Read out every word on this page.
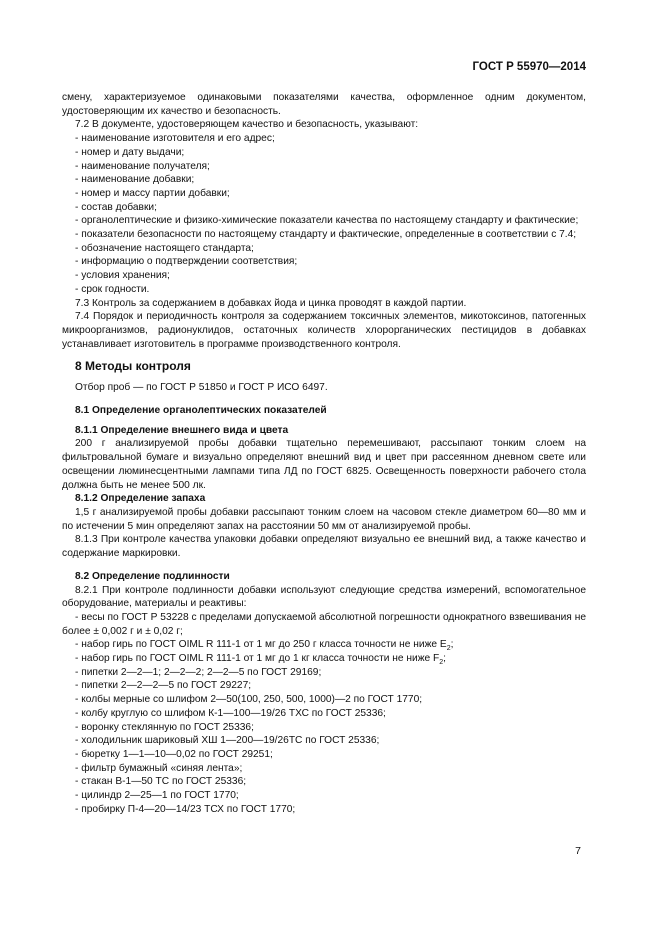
ГОСТ Р 55970—2014

смену, характеризуемое одинаковыми показателями качества, оформленное одним документом, удостоверяющим их качество и безопасность.

7.2 В документе, удостоверяющем качество и безопасность, указывают:

- наименование изготовителя и его адрес;

- номер и дату выдачи;

- наименование получателя;

- наименование добавки;

- номер и массу партии добавки;

- состав добавки;

- органолептические и физико-химические показатели качества по настоящему стандарту и фактические;

- показатели безопасности по настоящему стандарту и фактические, определенные в соответствии с 7.4;

- обозначение настоящего стандарта;

- информацию о подтверждении соответствия;

- условия хранения;

- срок годности.

7.3 Контроль за содержанием в добавках йода и цинка проводят в каждой партии.

7.4 Порядок и периодичность контроля за содержанием токсичных элементов, микотоксинов, патогенных микроорганизмов, радионуклидов, остаточных количеств хлорорганических пестицидов в добавках устанавливает изготовитель в программе производственного контроля.

8 Методы контроля

Отбор проб — по ГОСТ Р 51850 и ГОСТ Р ИСО 6497.

8.1 Определение органолептических показателей
8.1.1 Определение внешнего вида и цвета

200 г анализируемой пробы добавки тщательно перемешивают, рассыпают тонким слоем на фильтровальной бумаге и визуально определяют внешний вид и цвет при рассеянном дневном свете или освещении люминесцентными лампами типа ЛД по ГОСТ 6825. Освещенность поверхности рабочего стола должна быть не менее 500 лк.

8.1.2 Определение запаха

1,5 г анализируемой пробы добавки рассыпают тонким слоем на часовом стекле диаметром 60—80 мм и по истечении 5 мин определяют запах на расстоянии 50 мм от анализируемой пробы.

8.1.3 При контроле качества упаковки добавки определяют визуально ее внешний вид, а также качество и содержание маркировки.

8.2 Определение подлинности

8.2.1 При контроле подлинности добавки используют следующие средства измерений, вспомогательное оборудование, материалы и реактивы:

- весы по ГОСТ Р 53228 с пределами допускаемой абсолютной погрешности однократного взвешивания не более ± 0,002 г и ± 0,02 г;

- набор гирь по ГОСТ OIML R 111-1 от 1 мг до 250 г класса точности не ниже $E_2$;

- набор гирь по ГОСТ OIML R 111-1 от 1 мг до 1 кг класса точности не ниже $F_2$;

- пипетки 2—2—1; 2—2—2; 2—2—5 по ГОСТ 29169;

- пипетки 2—2—2—5 по ГОСТ 29227;

- колбы мерные со шлифом 2—50(100, 250, 500, 1000)—2 по ГОСТ 1770;

- колбу круглую со шлифом К-1—100—19/26 ТХС по ГОСТ 25336;

- воронку стеклянную по ГОСТ 25336;

- холодильник шариковый ХШ 1—200—19/26ТС по ГОСТ 25336;

- бюретку 1—1—10—0,02 по ГОСТ 29251;

- фильтр бумажный «синяя лента»;

- стакан В-1—50 ТС по ГОСТ 25336;

- цилиндр 2—25—1 по ГОСТ 1770;

- пробирку П-4—20—14/23 ТСХ по ГОСТ 1770;

7
